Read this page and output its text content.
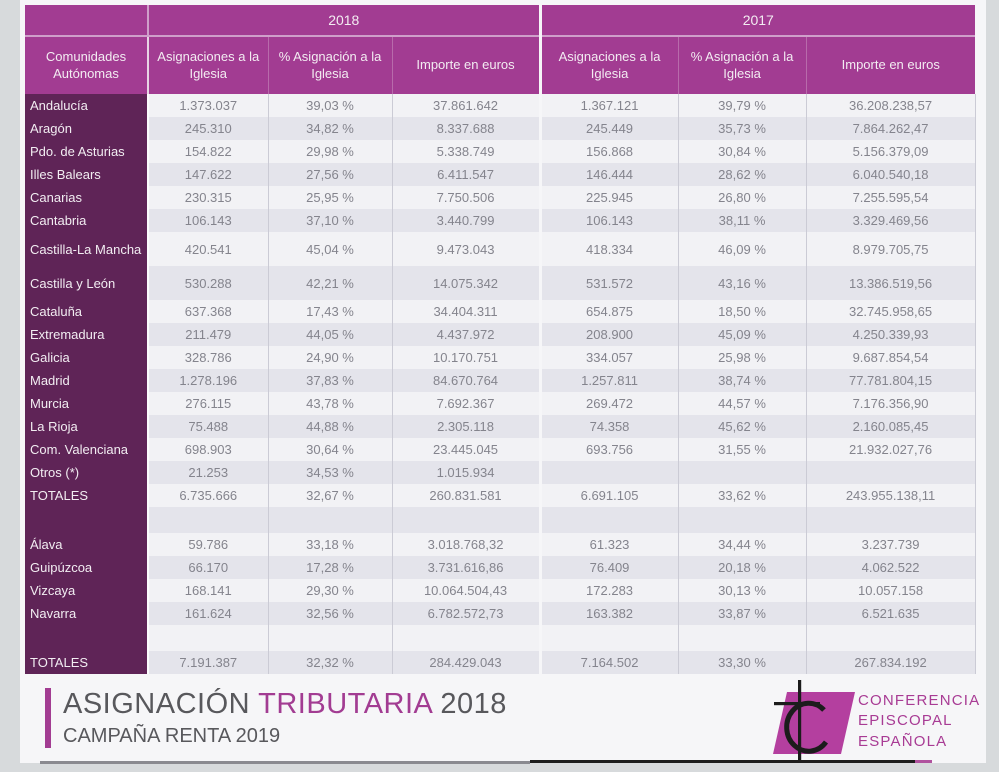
	2018			2017		
Comunidades Autónomas	Asignaciones a la Iglesia	% Asignación a la Iglesia	Importe en euros	Asignaciones a la Iglesia	% Asignación a la Iglesia	Importe en euros
Andalucía	1.373.037	39,03 %	37.861.642	1.367.121	39,79 %	36.208.238,57
Aragón	245.310	34,82 %	8.337.688	245.449	35,73 %	7.864.262,47
Pdo. de Asturias	154.822	29,98 %	5.338.749	156.868	30,84 %	5.156.379,09
Illes Balears	147.622	27,56 %	6.411.547	146.444	28,62 %	6.040.540,18
Canarias	230.315	25,95 %	7.750.506	225.945	26,80 %	7.255.595,54
Cantabria	106.143	37,10 %	3.440.799	106.143	38,11 %	3.329.469,56
Castilla-La Mancha	420.541	45,04 %	9.473.043	418.334	46,09 %	8.979.705,75
Castilla y León	530.288	42,21 %	14.075.342	531.572	43,16 %	13.386.519,56
Cataluña	637.368	17,43 %	34.404.311	654.875	18,50 %	32.745.958,65
Extremadura	211.479	44,05 %	4.437.972	208.900	45,09 %	4.250.339,93
Galicia	328.786	24,90 %	10.170.751	334.057	25,98 %	9.687.854,54
Madrid	1.278.196	37,83 %	84.670.764	1.257.811	38,74 %	77.781.804,15
Murcia	276.115	43,78 %	7.692.367	269.472	44,57 %	7.176.356,90
La Rioja	75.488	44,88 %	2.305.118	74.358	45,62 %	2.160.085,45
Com. Valenciana	698.903	30,64 %	23.445.045	693.756	31,55 %	21.932.027,76
Otros (*)	21.253	34,53 %	1.015.934			
TOTALES	6.735.666	32,67 %	260.831.581	6.691.105	33,62 %	243.955.138,11

Álava	59.786	33,18 %	3.018.768,32	61.323	34,44 %	3.237.739
Guipúzcoa	66.170	17,28 %	3.731.616,86	76.409	20,18 %	4.062.522
Vizcaya	168.141	29,30 %	10.064.504,43	172.283	30,13 %	10.057.158
Navarra	161.624	32,56 %	6.782.572,73	163.382	33,87 %	6.521.635

TOTALES	7.191.387	32,32 %	284.429.043	7.164.502	33,30 %	267.834.192
ASIGNACIÓN TRIBUTARIA 2018
CAMPAÑA RENTA 2019
CONFERENCIA
EPISCOPAL
ESPAÑOLA
